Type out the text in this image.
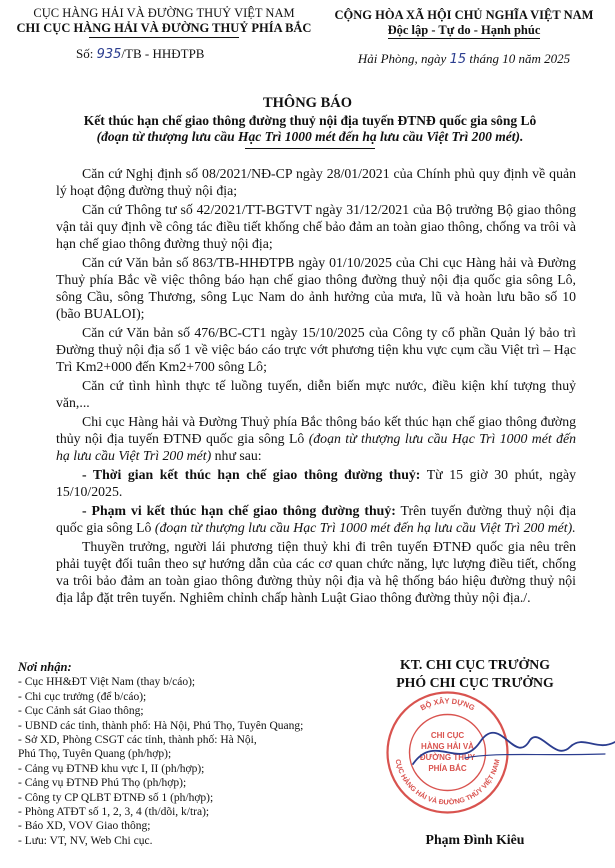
CỤC HÀNG HẢI VÀ ĐƯỜNG THUỶ VIỆT NAM
CHI CỤC HÀNG HẢI VÀ ĐƯỜNG THUỶ PHÍA BẮC
Số: 935/TB - HHĐTPB
CỘNG HÒA XÃ HỘI CHỦ NGHĨA VIỆT NAM
Độc lập - Tự do - Hạnh phúc
Hải Phòng, ngày 15 tháng 10 năm 2025
THÔNG BÁO
Kết thúc hạn chế giao thông đường thuỷ nội địa tuyến ĐTNĐ quốc gia sông Lô
(đoạn từ thượng lưu cầu Hạc Trì 1000 mét đến hạ lưu cầu Việt Trì 200 mét).

Căn cứ Nghị định số 08/2021/NĐ-CP ngày 28/01/2021 của Chính phủ quy định về quản lý hoạt động đường thuỷ nội địa;

Căn cứ Thông tư số 42/2021/TT-BGTVT ngày 31/12/2021 của Bộ trưởng Bộ giao thông vận tải quy định về công tác điều tiết khống chế bảo đảm an toàn giao thông, chống va trôi và hạn chế giao thông đường thuỷ nội địa;

Căn cứ Văn bản số 863/TB-HHĐTPB ngày 01/10/2025 của Chi cục Hàng hải và Đường Thuỷ phía Bắc về việc thông báo hạn chế giao thông đường thuỷ nội địa quốc gia sông Lô, sông Cầu, sông Thương, sông Lục Nam do ảnh hưởng của mưa, lũ và hoàn lưu bão số 10 (bão BUALOI);

Căn cứ Văn bản số 476/BC-CT1 ngày 15/10/2025 của Công ty cổ phần Quản lý bảo trì Đường thuỷ nội địa số 1 về việc báo cáo trực vớt phương tiện khu vực cụm cầu Việt trì – Hạc Trì Km2+000 đến Km2+700 sông Lô;

Căn cứ tình hình thực tế luồng tuyến, diễn biến mực nước, điều kiện khí tượng thuỷ văn,...

Chi cục Hàng hải và Đường Thuỷ phía Bắc thông báo kết thúc hạn chế giao thông đường thủy nội địa tuyến ĐTNĐ quốc gia sông Lô (đoạn từ thượng lưu cầu Hạc Trì 1000 mét đến hạ lưu cầu Việt Trì 200 mét) như sau:

- Thời gian kết thúc hạn chế giao thông đường thuỷ: Từ 15 giờ 30 phút, ngày 15/10/2025.

- Phạm vi kết thúc hạn chế giao thông đường thuỷ: Trên tuyến đường thuỷ nội địa quốc gia sông Lô (đoạn từ thượng lưu cầu Hạc Trì 1000 mét đến hạ lưu cầu Việt Trì 200 mét).

Thuyền trưởng, người lái phương tiện thuỷ khi đi trên tuyến ĐTNĐ quốc gia nêu trên phải tuyệt đối tuân theo sự hướng dẫn của các cơ quan chức năng, lực lượng điều tiết, chống va trôi bảo đảm an toàn giao thông đường thủy nội địa và hệ thống báo hiệu đường thuỷ nội địa lắp đặt trên tuyến. Nghiêm chỉnh chấp hành Luật Giao thông đường thủy nội địa./.

Nơi nhận:
- Cục HH&ĐT Việt Nam (thay b/cáo);
- Chi cục trưởng (để b/cáo);
- Cục Cảnh sát Giao thông;
- UBND các tỉnh, thành phố: Hà Nội, Phú Thọ, Tuyên Quang;
- Sở XD, Phòng CSGT các tỉnh, thành phố: Hà Nội,
Phú Thọ, Tuyên Quang (ph/hợp);
- Cảng vụ ĐTNĐ khu vực I, II (ph/hợp);
- Cảng vụ ĐTNĐ Phú Thọ (ph/hợp);
- Công ty CP QLBT ĐTNĐ số 1 (ph/hợp);
- Phòng ATĐT số 1, 2, 3, 4 (th/dõi, k/tra);
- Báo XD, VOV Giao thông;
- Lưu: VT, NV, Web Chi cục.
KT. CHI CỤC TRƯỞNG
PHÓ CHI CỤC TRƯỞNG
BỘ XÂY DỰNG
CỤC HÀNG HẢI VÀ ĐƯỜNG THỦY VIỆT NAM
CHI CỤC
HÀNG HẢI VÀ
ĐƯỜNG THỦY
PHÍA BẮC
Phạm Đình Kiêu
